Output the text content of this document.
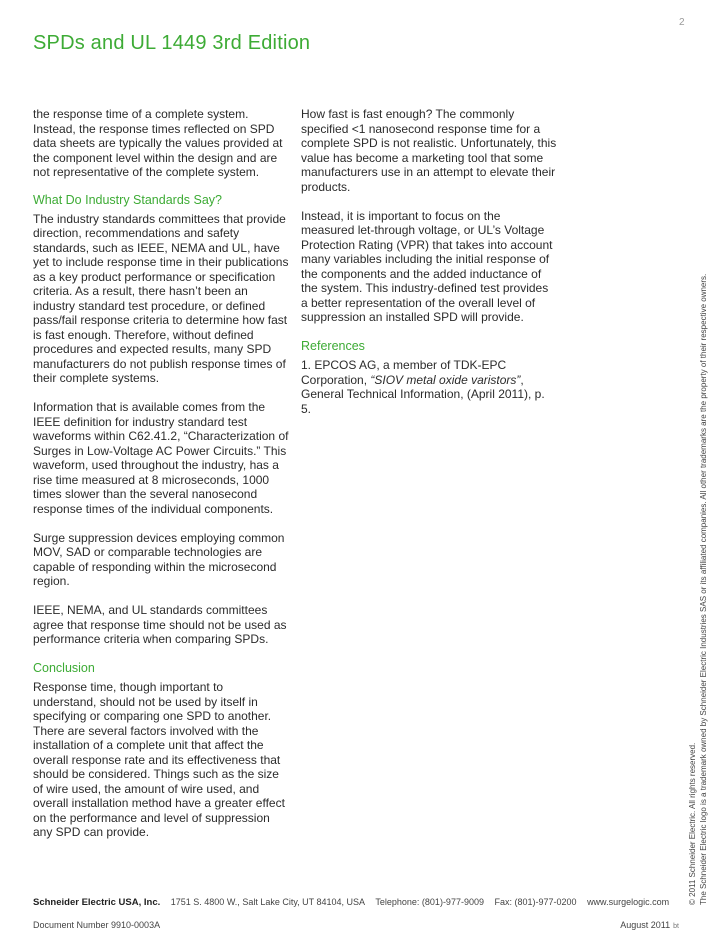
2
SPDs and UL 1449 3rd Edition

the response time of a complete system. Instead, the response times reflected on SPD data sheets are typically the values provided at the component level within the design and are not representative of the complete system.

What Do Industry Standards Say?

The industry standards committees that provide direction, recommendations and safety standards, such as IEEE, NEMA and UL, have yet to include response time in their publications as a key product performance or specification criteria. As a result, there hasn’t been an industry standard test procedure, or defined pass/fail response criteria to determine how fast is fast enough. Therefore, without defined procedures and expected results, many SPD manufacturers do not publish response times of their complete systems.

Information that is available comes from the IEEE definition for industry standard test waveforms within C62.41.2, “Characterization of Surges in Low-Voltage AC Power Circuits.” This waveform, used throughout the industry, has a rise time measured at 8 microseconds, 1000 times slower than the several nanosecond response times of the individual components.

Surge suppression devices employing common MOV, SAD or comparable technologies are capable of responding within the microsecond region.

IEEE, NEMA, and UL standards committees agree that response time should not be used as performance criteria when comparing SPDs.

Conclusion

Response time, though important to understand, should not be used by itself in specifying or comparing one SPD to another. There are several factors involved with the installation of a complete unit that affect the overall response rate and its effectiveness that should be considered. Things such as the size of wire used, the amount of wire used, and overall installation method have a greater effect on the performance and level of suppression any SPD can provide.

How fast is fast enough? The commonly specified <1 nanosecond response time for a complete SPD is not realistic. Unfortunately, this value has become a marketing tool that some manufacturers use in an attempt to elevate their products.

Instead, it is important to focus on the measured let-through voltage, or UL’s Voltage Protection Rating (VPR) that takes into account many variables including the initial response of the components and the added inductance of the system. This industry-defined test provides a better representation of the overall level of suppression an installed SPD will provide.

References

1. EPCOS AG, a member of TDK-EPC Corporation, “SIOV metal oxide varistors”, General Technical Information, (April 2011), p. 5.

Schneider Electric USA, Inc. 1751 S. 4800 W., Salt Lake City, UT 84104, USA Telephone: (801)-977-9009 Fax: (801)-977-0200 www.surgelogic.com
Document Number 9910-0003A	August 2011 bt
© 2011 Schneider Electric. All rights reserved. The Schneider Electric logo is a trademark owned by Schneider Electric Industries SAS or its affiliated companies. All other trademarks are the property of their respective owners.
